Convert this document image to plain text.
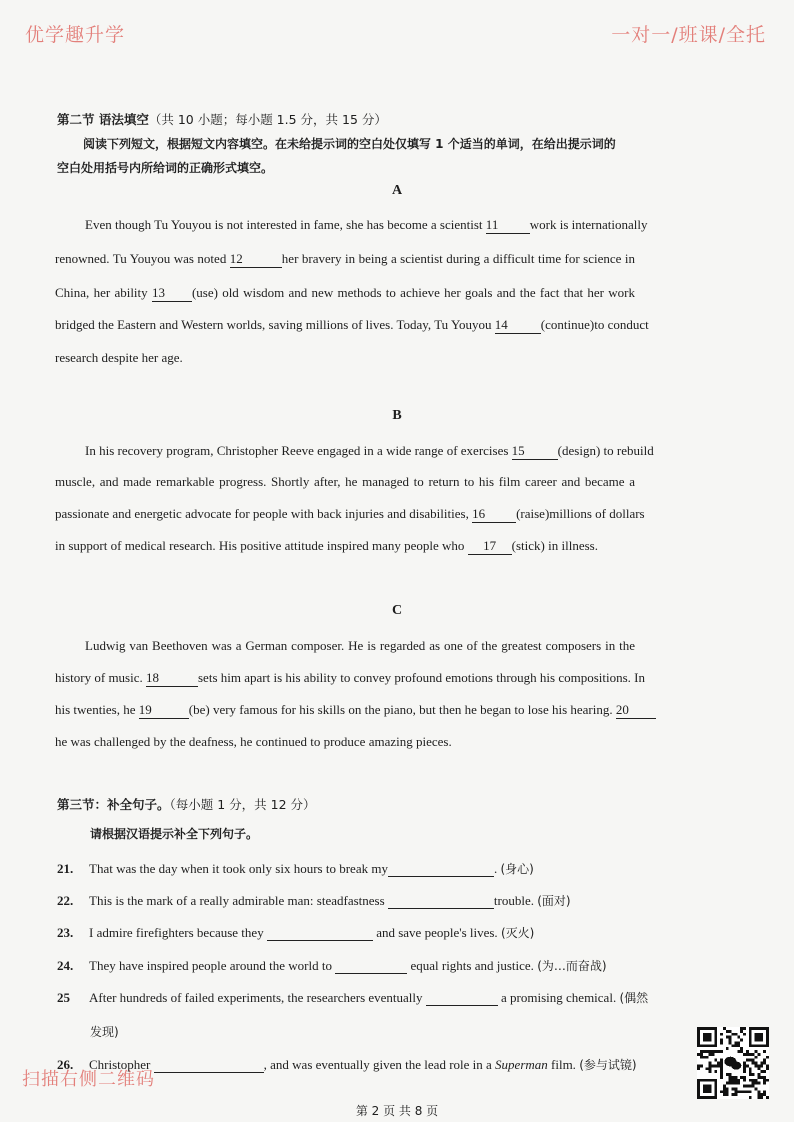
优学趣升学	一对一/班课/全托
扫描右侧二维码
第二节 语法填空（共 10 小题；每小题 1.5 分，共 15 分）
阅读下列短文，根据短文内容填空。在未给提示词的空白处仅填写 1 个适当的单词，在给出提示词的
空白处用括号内所给词的正确形式填空。
A
Even though Tu Youyou is not interested in fame, she has become a scientist 11 work is internationally
renowned. Tu Youyou was noted 12	her bravery in being a scientist during a difficult time for science in
China, her ability 13 (use) old wisdom and new methods to achieve her goals and the fact that her work
bridged the Eastern and Western worlds, saving millions of lives. Today, Tu Youyou 14	(continue)to conduct
research despite her age.
B
In his recovery program, Christopher Reeve engaged in a wide range of exercises 15	(design) to rebuild
muscle, and made remarkable progress. Shortly after, he managed to return to his film career and became a
passionate and energetic advocate for people with back injuries and disabilities, 16 (raise)millions of dollars
in support of medical research. His positive attitude inspired many people who 17 (stick) in illness.
C
Ludwig van Beethoven was a German composer. He is regarded as one of the greatest composers in the
history of music. 18	sets him apart is his ability to convey profound emotions through his compositions. In
his twenties, he 19	(be) very famous for his skills on the piano, but then he began to lose his hearing. 20
he was challenged by the deafness, he continued to produce amazing pieces.
第三节：补全句子。（每小题 1 分，共 12 分）
请根据汉语提示补全下列句子。
21. That was the day when it took only six hours to break my	. (身心)
22. This is the mark of a really admirable man: steadfastness	trouble. (面对)
23. I admire firefighters because they	and save people's lives. (灭火)
24. They have inspired people around the world to	equal rights and justice. (为…而奋战)
25 After hundreds of failed experiments, the researchers eventually	a promising chemical. (偶然
发现)
26. Christopher	, and was eventually given the lead role in a Superman film. (参与试镜)
第 2 页 共 8 页
